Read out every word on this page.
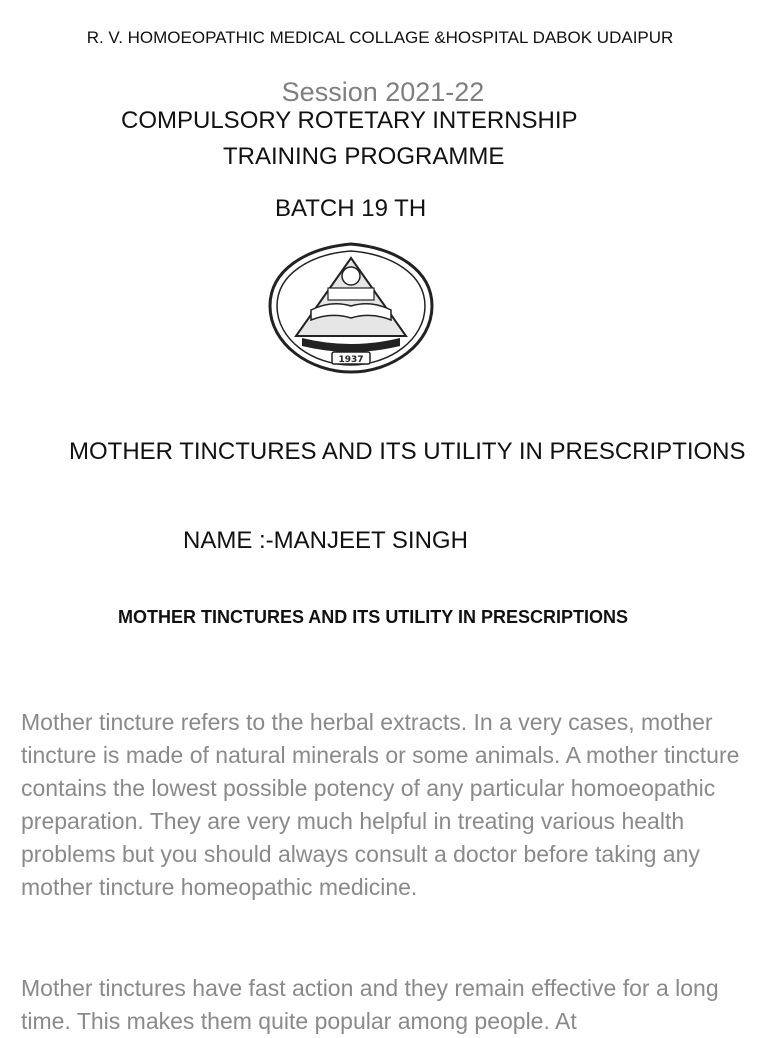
R. V. HOMOEOPATHIC MEDICAL COLLAGE &HOSPITAL DABOK UDAIPUR
Session 2021-22
COMPULSORY ROTETARY INTERNSHIP
TRAINING PROGRAMME
BATCH 19 TH
1937
MOTHER TINCTURES AND ITS UTILITY IN PRESCRIPTIONS
NAME :-MANJEET SINGH
MOTHER TINCTURES AND ITS UTILITY IN PRESCRIPTIONS
Mother tincture refers to the herbal extracts. In a very cases, mother tincture is made of natural minerals or some animals. A mother tincture contains the lowest possible potency of any particular homoeopathic preparation. They are very much helpful in treating various health problems but you should always consult a doctor before taking any mother tincture homeopathic medicine.
Mother tinctures have fast action and they remain effective for a long time. This makes them quite popular among people. At
